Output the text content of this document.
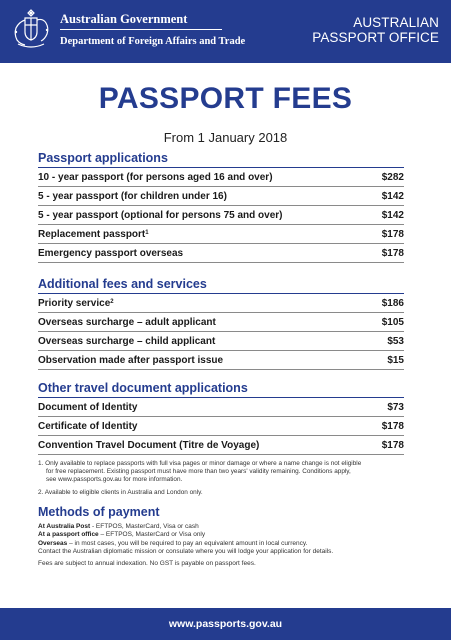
Australian Government
Department of Foreign Affairs and Trade
AUSTRALIAN
PASSPORT OFFICE
PASSPORT FEES
From 1 January 2018
Passport applications
10 - year passport (for persons aged 16 and over)	$282
5 - year passport (for children under 16)	$142
5 - year passport (optional for persons 75 and over)	$142
Replacement passport$^1$	$178
Emergency passport overseas	$178
Additional fees and services
Priority service$^2$	$186
Overseas surcharge – adult applicant	$105
Overseas surcharge – child applicant	$53
Observation made after passport issue	$15
Other travel document applications
Document of Identity	$73
Certificate of Identity	$178
Convention Travel Document (Titre de Voyage)	$178

1. Only available to replace passports with full visa pages or minor damage or where a name change is not eligible
for free replacement. Existing passport must have more than two years' validity remaining. Conditions apply,
see www.passports.gov.au for more information.

2. Available to eligible clients in Australia and London only.

Methods of payment
At Australia Post - EFTPOS, MasterCard, Visa or cash
At a passport office – EFTPOS, MasterCard or Visa only
Overseas – in most cases, you will be required to pay an equivalent amount in local currency.
Contact the Australian diplomatic mission or consulate where you will lodge your application for details.
Fees are subject to annual indexation. No GST is payable on passport fees.
www.passports.gov.au
